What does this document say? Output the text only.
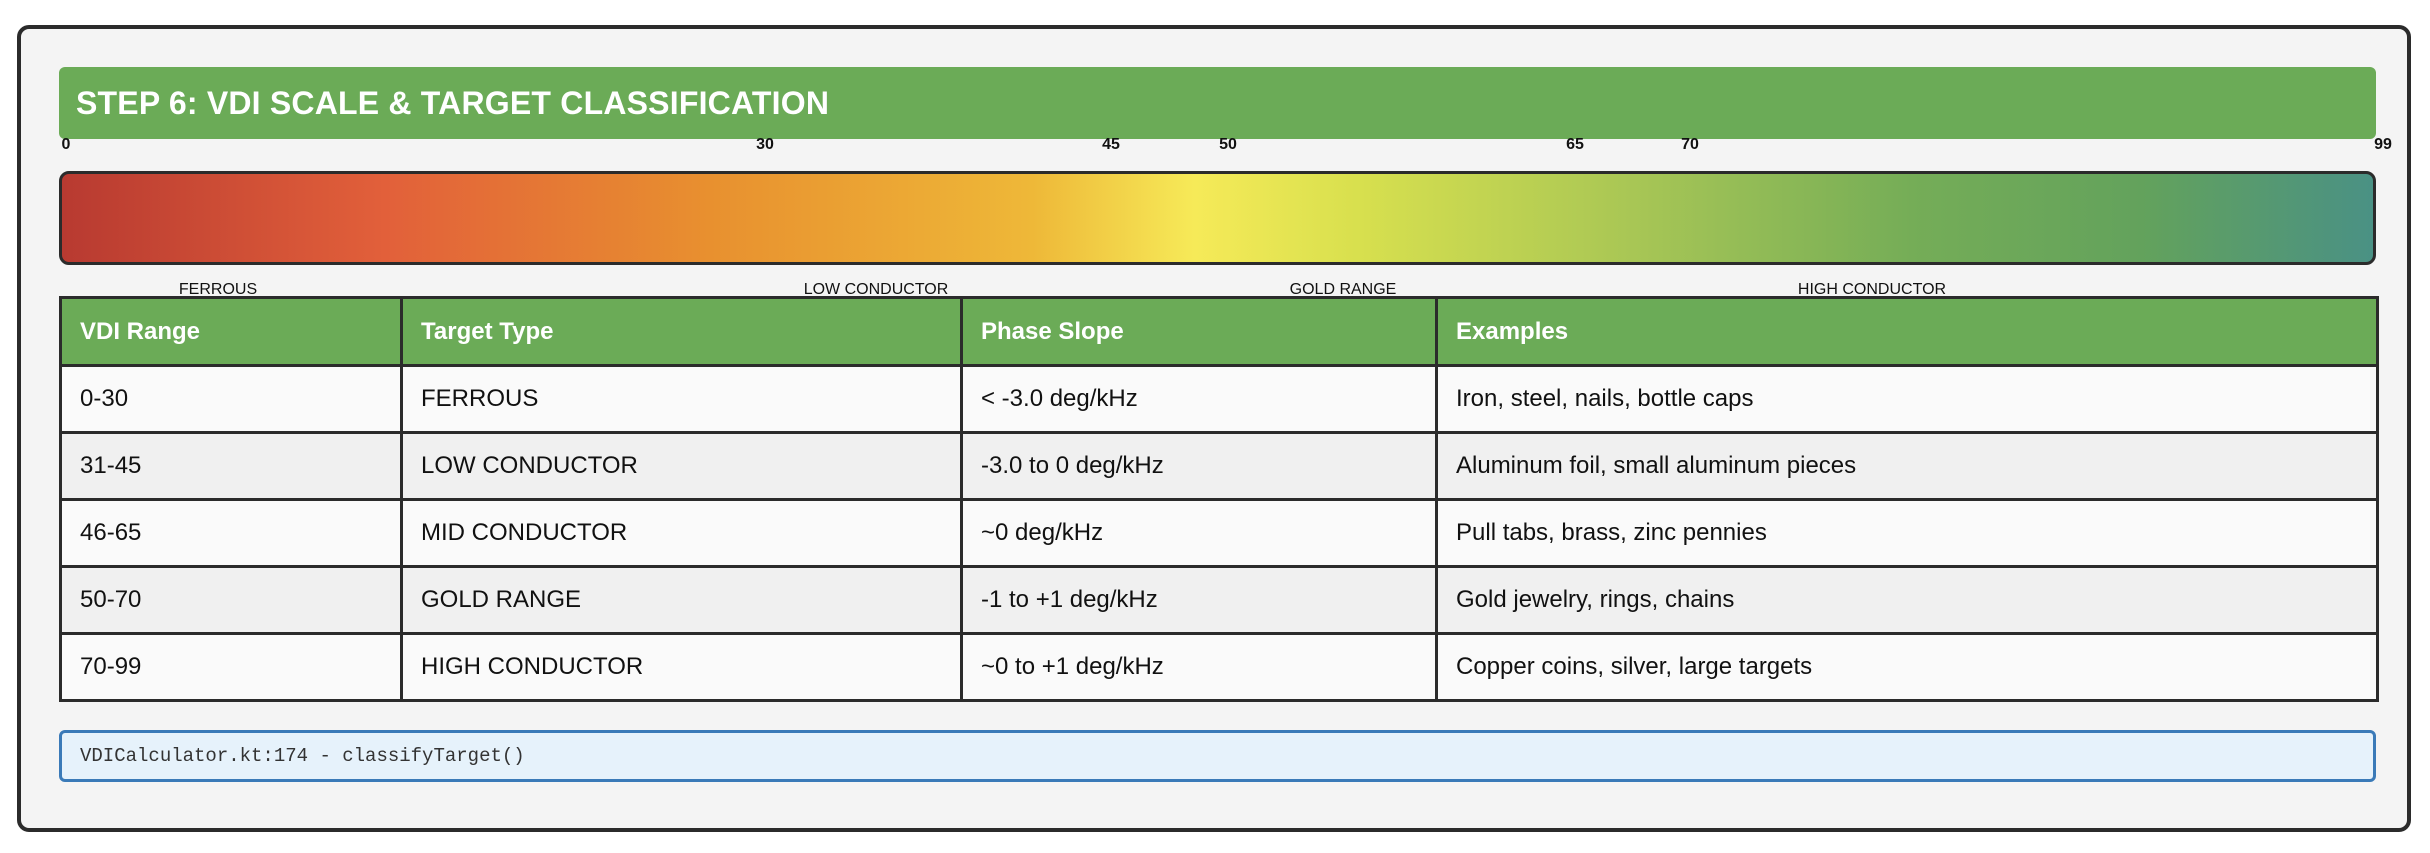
STEP 6: VDI SCALE & TARGET CLASSIFICATION
0	30	45	50	65	70	99
FERROUS	LOW CONDUCTOR	GOLD RANGE	HIGH CONDUCTOR
VDI Range	Target Type	Phase Slope	Examples
0-30	FERROUS	< -3.0 deg/kHz	Iron, steel, nails, bottle caps
31-45	LOW CONDUCTOR	-3.0 to 0 deg/kHz	Aluminum foil, small aluminum pieces
46-65	MID CONDUCTOR	~0 deg/kHz	Pull tabs, brass, zinc pennies
50-70	GOLD RANGE	-1 to +1 deg/kHz	Gold jewelry, rings, chains
70-99	HIGH CONDUCTOR	~0 to +1 deg/kHz	Copper coins, silver, large targets
VDICalculator.kt:174 - classifyTarget()
